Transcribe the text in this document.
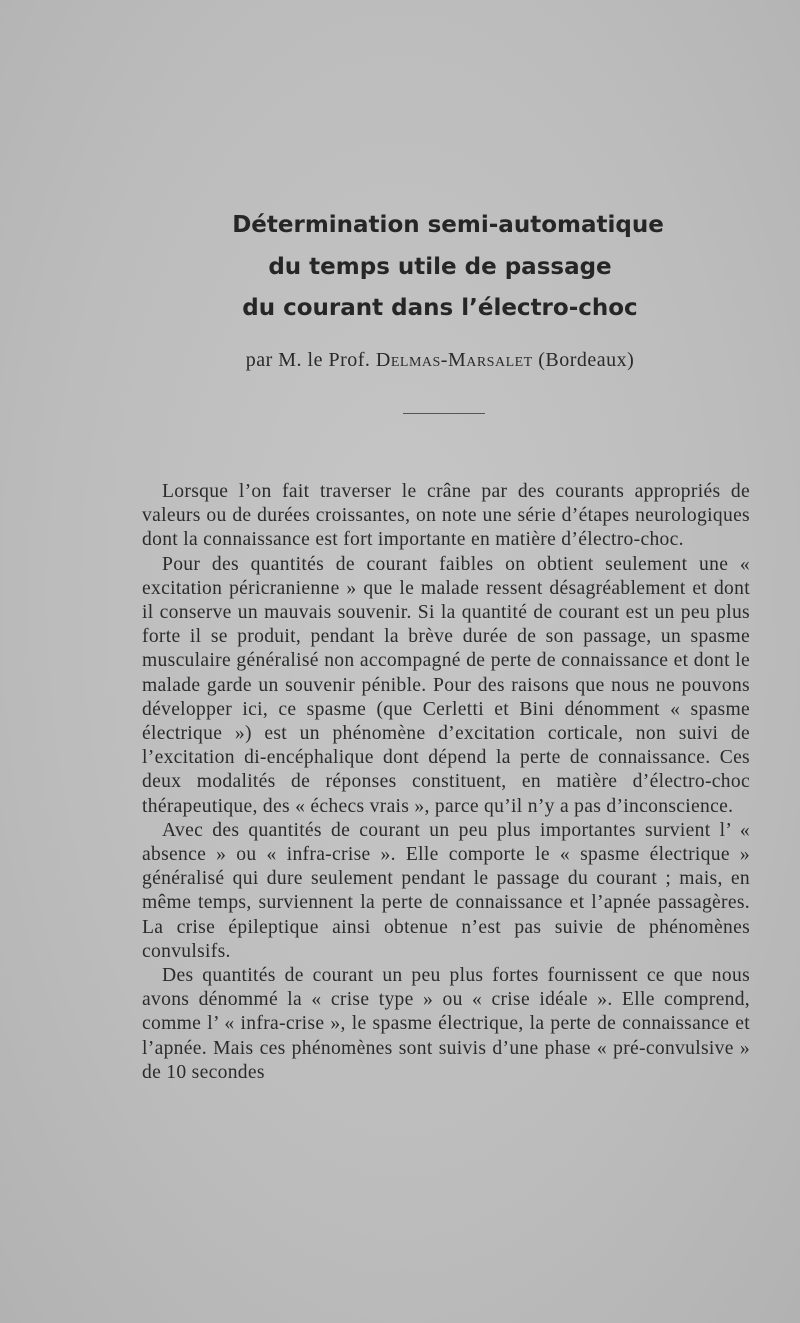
Détermination semi-automatique
du temps utile de passage
du courant dans l’électro-choc
par M. le Prof. Delmas-Marsalet (Bordeaux)

Lorsque l’on fait traverser le crâne par des courants appropriés de valeurs ou de durées croissantes, on note une série d’étapes neurologiques dont la connaissance est fort importante en matière d’électro-choc.

Pour des quantités de courant faibles on obtient seulement une « excitation péricranienne » que le malade ressent désagréablement et dont il conserve un mauvais souvenir. Si la quantité de courant est un peu plus forte il se produit, pendant la brève durée de son passage, un spasme musculaire généralisé non accompagné de perte de connaissance et dont le malade garde un souvenir pénible. Pour des raisons que nous ne pouvons développer ici, ce spasme (que Cerletti et Bini dénomment « spasme électrique ») est un phénomène d’excitation corticale, non suivi de l’excitation di-encéphalique dont dépend la perte de connaissance. Ces deux modalités de réponses constituent, en matière d’électro-choc thérapeutique, des « échecs vrais », parce qu’il n’y a pas d’inconscience.

Avec des quantités de courant un peu plus importantes survient l’ « absence » ou « infra-crise ». Elle comporte le « spasme électrique » généralisé qui dure seulement pendant le passage du courant ; mais, en même temps, surviennent la perte de connaissance et l’apnée passagères. La crise épileptique ainsi obtenue n’est pas suivie de phénomènes convulsifs.

Des quantités de courant un peu plus fortes fournissent ce que nous avons dénommé la « crise type » ou « crise idéale ». Elle comprend, comme l’ « infra-crise », le spasme électrique, la perte de connaissance et l’apnée. Mais ces phénomènes sont suivis d’une phase « pré-convulsive » de 10 secondes
